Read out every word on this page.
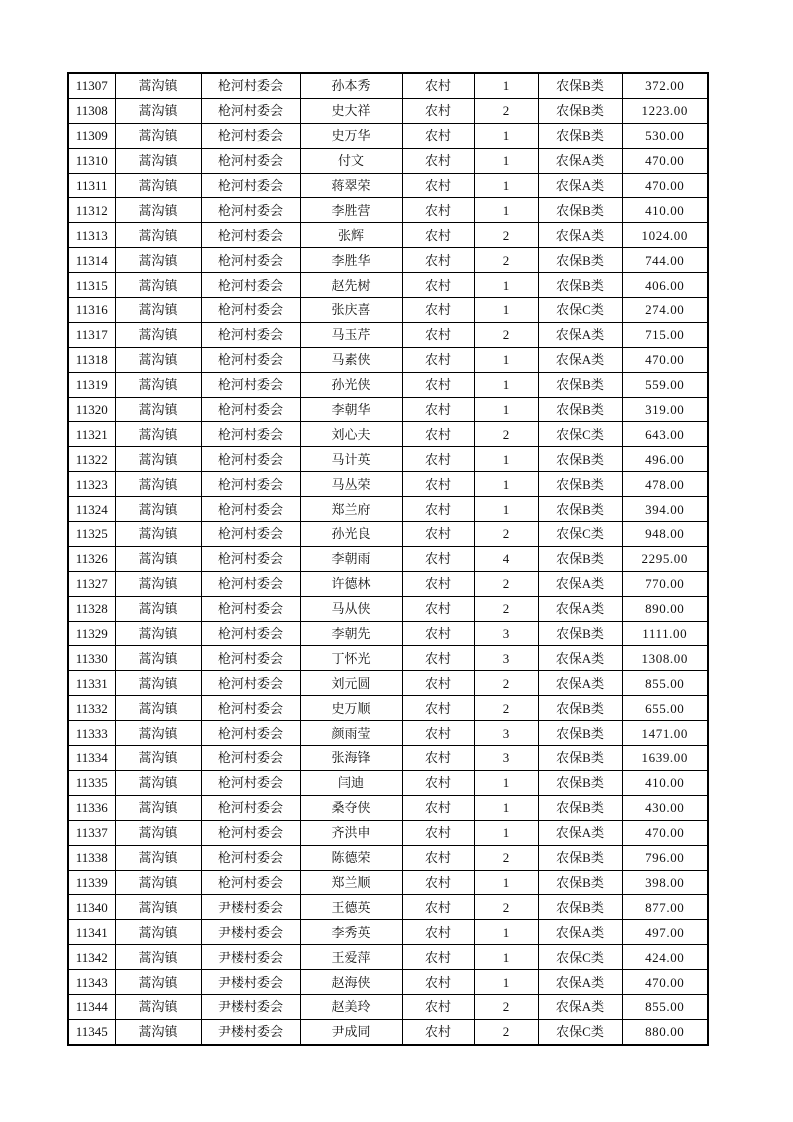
11307	蒿沟镇	枪河村委会	孙本秀	农村	1	农保B类	372.00
11308	蒿沟镇	枪河村委会	史大祥	农村	2	农保B类	1223.00
11309	蒿沟镇	枪河村委会	史万华	农村	1	农保B类	530.00
11310	蒿沟镇	枪河村委会	付文	农村	1	农保A类	470.00
11311	蒿沟镇	枪河村委会	蒋翠荣	农村	1	农保A类	470.00
11312	蒿沟镇	枪河村委会	李胜营	农村	1	农保B类	410.00
11313	蒿沟镇	枪河村委会	张辉	农村	2	农保A类	1024.00
11314	蒿沟镇	枪河村委会	李胜华	农村	2	农保B类	744.00
11315	蒿沟镇	枪河村委会	赵先树	农村	1	农保B类	406.00
11316	蒿沟镇	枪河村委会	张庆喜	农村	1	农保C类	274.00
11317	蒿沟镇	枪河村委会	马玉芹	农村	2	农保A类	715.00
11318	蒿沟镇	枪河村委会	马素侠	农村	1	农保A类	470.00
11319	蒿沟镇	枪河村委会	孙光侠	农村	1	农保B类	559.00
11320	蒿沟镇	枪河村委会	李朝华	农村	1	农保B类	319.00
11321	蒿沟镇	枪河村委会	刘心夫	农村	2	农保C类	643.00
11322	蒿沟镇	枪河村委会	马计英	农村	1	农保B类	496.00
11323	蒿沟镇	枪河村委会	马丛荣	农村	1	农保B类	478.00
11324	蒿沟镇	枪河村委会	郑兰府	农村	1	农保B类	394.00
11325	蒿沟镇	枪河村委会	孙光良	农村	2	农保C类	948.00
11326	蒿沟镇	枪河村委会	李朝雨	农村	4	农保B类	2295.00
11327	蒿沟镇	枪河村委会	许德林	农村	2	农保A类	770.00
11328	蒿沟镇	枪河村委会	马从侠	农村	2	农保A类	890.00
11329	蒿沟镇	枪河村委会	李朝先	农村	3	农保B类	1111.00
11330	蒿沟镇	枪河村委会	丁怀光	农村	3	农保A类	1308.00
11331	蒿沟镇	枪河村委会	刘元圆	农村	2	农保A类	855.00
11332	蒿沟镇	枪河村委会	史万顺	农村	2	农保B类	655.00
11333	蒿沟镇	枪河村委会	颜雨莹	农村	3	农保B类	1471.00
11334	蒿沟镇	枪河村委会	张海锋	农村	3	农保B类	1639.00
11335	蒿沟镇	枪河村委会	闫迪	农村	1	农保B类	410.00
11336	蒿沟镇	枪河村委会	桑夺侠	农村	1	农保B类	430.00
11337	蒿沟镇	枪河村委会	齐洪申	农村	1	农保A类	470.00
11338	蒿沟镇	枪河村委会	陈德荣	农村	2	农保B类	796.00
11339	蒿沟镇	枪河村委会	郑兰顺	农村	1	农保B类	398.00
11340	蒿沟镇	尹楼村委会	王德英	农村	2	农保B类	877.00
11341	蒿沟镇	尹楼村委会	李秀英	农村	1	农保A类	497.00
11342	蒿沟镇	尹楼村委会	王爱萍	农村	1	农保C类	424.00
11343	蒿沟镇	尹楼村委会	赵海侠	农村	1	农保A类	470.00
11344	蒿沟镇	尹楼村委会	赵美玲	农村	2	农保A类	855.00
11345	蒿沟镇	尹楼村委会	尹成同	农村	2	农保C类	880.00
